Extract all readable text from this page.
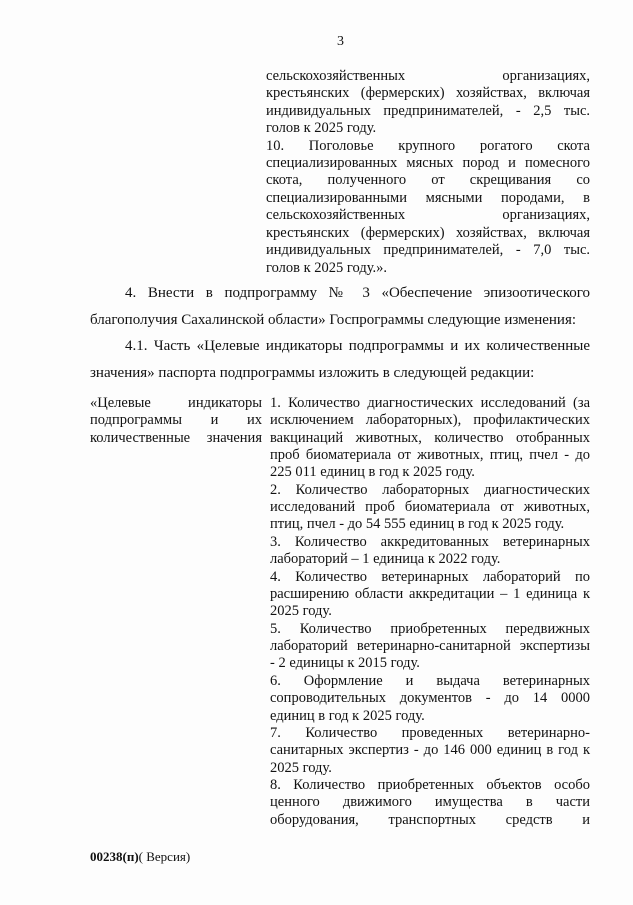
3
сельскохозяйственных организациях,
крестьянских (фермерских) хозяйствах, включая
индивидуальных предпринимателей, - 2,5 тыс.
голов к 2025 году.
10. Поголовье крупного рогатого скота
специализированных мясных пород и помесного
скота, полученного от скрещивания со
специализированными мясными породами, в
сельскохозяйственных организациях,
крестьянских (фермерских) хозяйствах, включая
индивидуальных предпринимателей, - 7,0 тыс.
голов к 2025 году.».
4. Внести в подпрограмму № 3 «Обеспечение эпизоотического
благополучия Сахалинской области» Госпрограммы следующие изменения:
4.1. Часть «Целевые индикаторы подпрограммы и их количественные
значения» паспорта подпрограммы изложить в следующей редакции:
«Целевые индикаторы
подпрограммы и их
количественные значения
1. Количество диагностических исследований (за
исключением лабораторных), профилактических
вакцинаций животных, количество отобранных
проб биоматериала от животных, птиц, пчел - до
225 011 единиц в год к 2025 году.
2. Количество лабораторных диагностических
исследований проб биоматериала от животных,
птиц, пчел - до 54 555 единиц в год к 2025 году.
3. Количество аккредитованных ветеринарных
лабораторий – 1 единица к 2022 году.
4. Количество ветеринарных лабораторий по
расширению области аккредитации – 1 единица к
2025 году.
5. Количество приобретенных передвижных
лабораторий ветеринарно-санитарной экспертизы
- 2 единицы к 2015 году.
6. Оформление и выдача ветеринарных
сопроводительных документов - до 14 0000
единиц в год к 2025 году.
7. Количество проведенных ветеринарно-
санитарных экспертиз - до 146 000 единиц в год к
2025 году.
8. Количество приобретенных объектов особо
ценного движимого имущества в части
оборудования, транспортных средств и
00238(п)( Версия)
